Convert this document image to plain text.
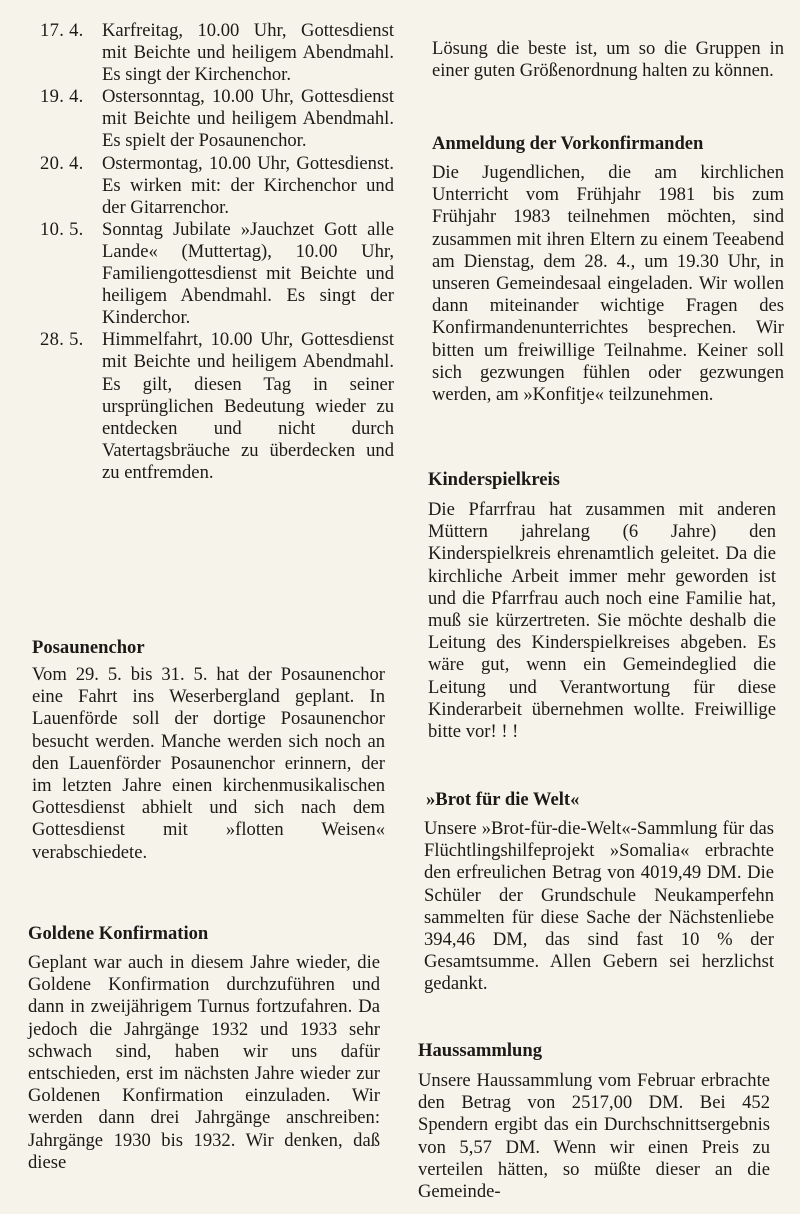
17. 4. Karfreitag, 10.00 Uhr, Gottesdienst mit Beichte und heiligem Abendmahl. Es singt der Kirchenchor.
19. 4. Ostersonntag, 10.00 Uhr, Gottesdienst mit Beichte und heiligem Abendmahl. Es spielt der Posaunenchor.
20. 4. Ostermontag, 10.00 Uhr, Gottesdienst. Es wirken mit: der Kirchenchor und der Gitarrenchor.
10. 5. Sonntag Jubilate »Jauchzet Gott alle Lande« (Muttertag), 10.00 Uhr, Familiengottesdienst mit Beichte und heiligem Abendmahl. Es singt der Kinderchor.
28. 5. Himmelfahrt, 10.00 Uhr, Gottesdienst mit Beichte und heiligem Abendmahl. Es gilt, diesen Tag in seiner ursprünglichen Bedeutung wieder zu entdecken und nicht durch Vatertagsbräuche zu überdecken und zu entfremden.
Posaunenchor

Vom 29. 5. bis 31. 5. hat der Posaunenchor eine Fahrt ins Weserbergland geplant. In Lauenförde soll der dortige Posaunenchor besucht werden. Manche werden sich noch an den Lauenförder Posaunenchor erinnern, der im letzten Jahre einen kirchenmusikalischen Gottesdienst abhielt und sich nach dem Gottesdienst mit »flotten Weisen« verabschiedete.

Goldene Konfirmation

Geplant war auch in diesem Jahre wieder, die Goldene Konfirmation durchzuführen und dann in zweijährigem Turnus fortzufahren. Da jedoch die Jahrgänge 1932 und 1933 sehr schwach sind, haben wir uns dafür entschieden, erst im nächsten Jahre wieder zur Goldenen Konfirmation einzuladen. Wir werden dann drei Jahrgänge anschreiben: Jahrgänge 1930 bis 1932. Wir denken, daß diese

Lösung die beste ist, um so die Gruppen in einer guten Größenordnung halten zu können.

Anmeldung der Vorkonfirmanden

Die Jugendlichen, die am kirchlichen Unterricht vom Frühjahr 1981 bis zum Frühjahr 1983 teilnehmen möchten, sind zusammen mit ihren Eltern zu einem Teeabend am Dienstag, dem 28. 4., um 19.30 Uhr, in unseren Gemeindesaal eingeladen. Wir wollen dann miteinander wichtige Fragen des Konfirmandenunterrichtes besprechen. Wir bitten um freiwillige Teilnahme. Keiner soll sich gezwungen fühlen oder gezwungen werden, am »Konfitje« teilzunehmen.

Kinderspielkreis

Die Pfarrfrau hat zusammen mit anderen Müttern jahrelang (6 Jahre) den Kinderspielkreis ehrenamtlich geleitet. Da die kirchliche Arbeit immer mehr geworden ist und die Pfarrfrau auch noch eine Familie hat, muß sie kürzertreten. Sie möchte deshalb die Leitung des Kinderspielkreises abgeben. Es wäre gut, wenn ein Gemeindeglied die Leitung und Verantwortung für diese Kinderarbeit übernehmen wollte. Freiwillige bitte vor! ! !

»Brot für die Welt«

Unsere »Brot-für-die-Welt«-Sammlung für das Flüchtlingshilfeprojekt »Somalia« erbrachte den erfreulichen Betrag von 4019,49 DM. Die Schüler der Grundschule Neukamperfehn sammelten für diese Sache der Nächstenliebe 394,46 DM, das sind fast 10 % der Gesamtsumme. Allen Gebern sei herzlichst gedankt.

Haussammlung

Unsere Haussammlung vom Februar erbrachte den Betrag von 2517,00 DM. Bei 452 Spendern ergibt das ein Durchschnittsergebnis von 5,57 DM. Wenn wir einen Preis zu verteilen hätten, so müßte dieser an die Gemeinde-
